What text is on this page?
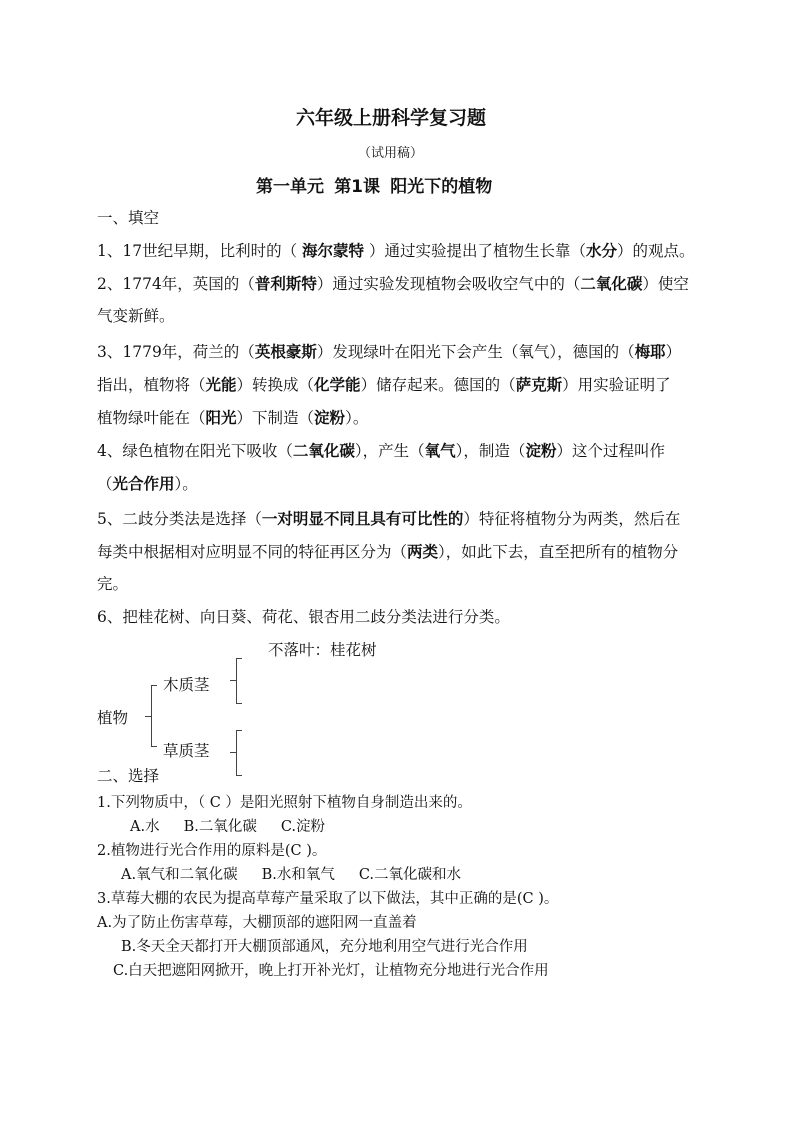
六年级上册科学复习题
（试用稿）
第一单元 第1课 阳光下的植物
一、填空
1、17世纪早期，比利时的（ 海尔蒙特 ）通过实验提出了植物生长靠（水分）的观点。
2、1774年，英国的（普利斯特）通过实验发现植物会吸收空气中的（二氧化碳）使空
气变新鲜。
3、1779年，荷兰的（英根豪斯）发现绿叶在阳光下会产生（氧气），德国的（梅耶）
指出，植物将（光能）转换成（化学能）储存起来。德国的（萨克斯）用实验证明了
植物绿叶能在（阳光）下制造（淀粉）。
4、绿色植物在阳光下吸收（二氧化碳），产生（氧气），制造（淀粉）这个过程叫作
（光合作用）。
5、二歧分类法是选择（一对明显不同且具有可比性的）特征将植物分为两类，然后在
每类中根据相对应明显不同的特征再区分为（两类），如此下去，直至把所有的植物分
完。
6、把桂花树、向日葵、荷花、银杏用二歧分类法进行分类。
不落叶：桂花树
木质茎
植物
草质茎
二、选择
1.下列物质中，（ C ）是阳光照射下植物自身制造出来的。
A.水 B.二氧化碳 C.淀粉
2.植物进行光合作用的原料是(C )。
A.氧气和二氧化碳 B.水和氧气 C.二氧化碳和水
3.草莓大棚的农民为提高草莓产量采取了以下做法，其中正确的是(C )。
A.为了防止伤害草莓，大棚顶部的遮阳网一直盖着
B.冬天全天都打开大棚顶部通风，充分地利用空气进行光合作用
C.白天把遮阳网掀开，晚上打开补光灯，让植物充分地进行光合作用
